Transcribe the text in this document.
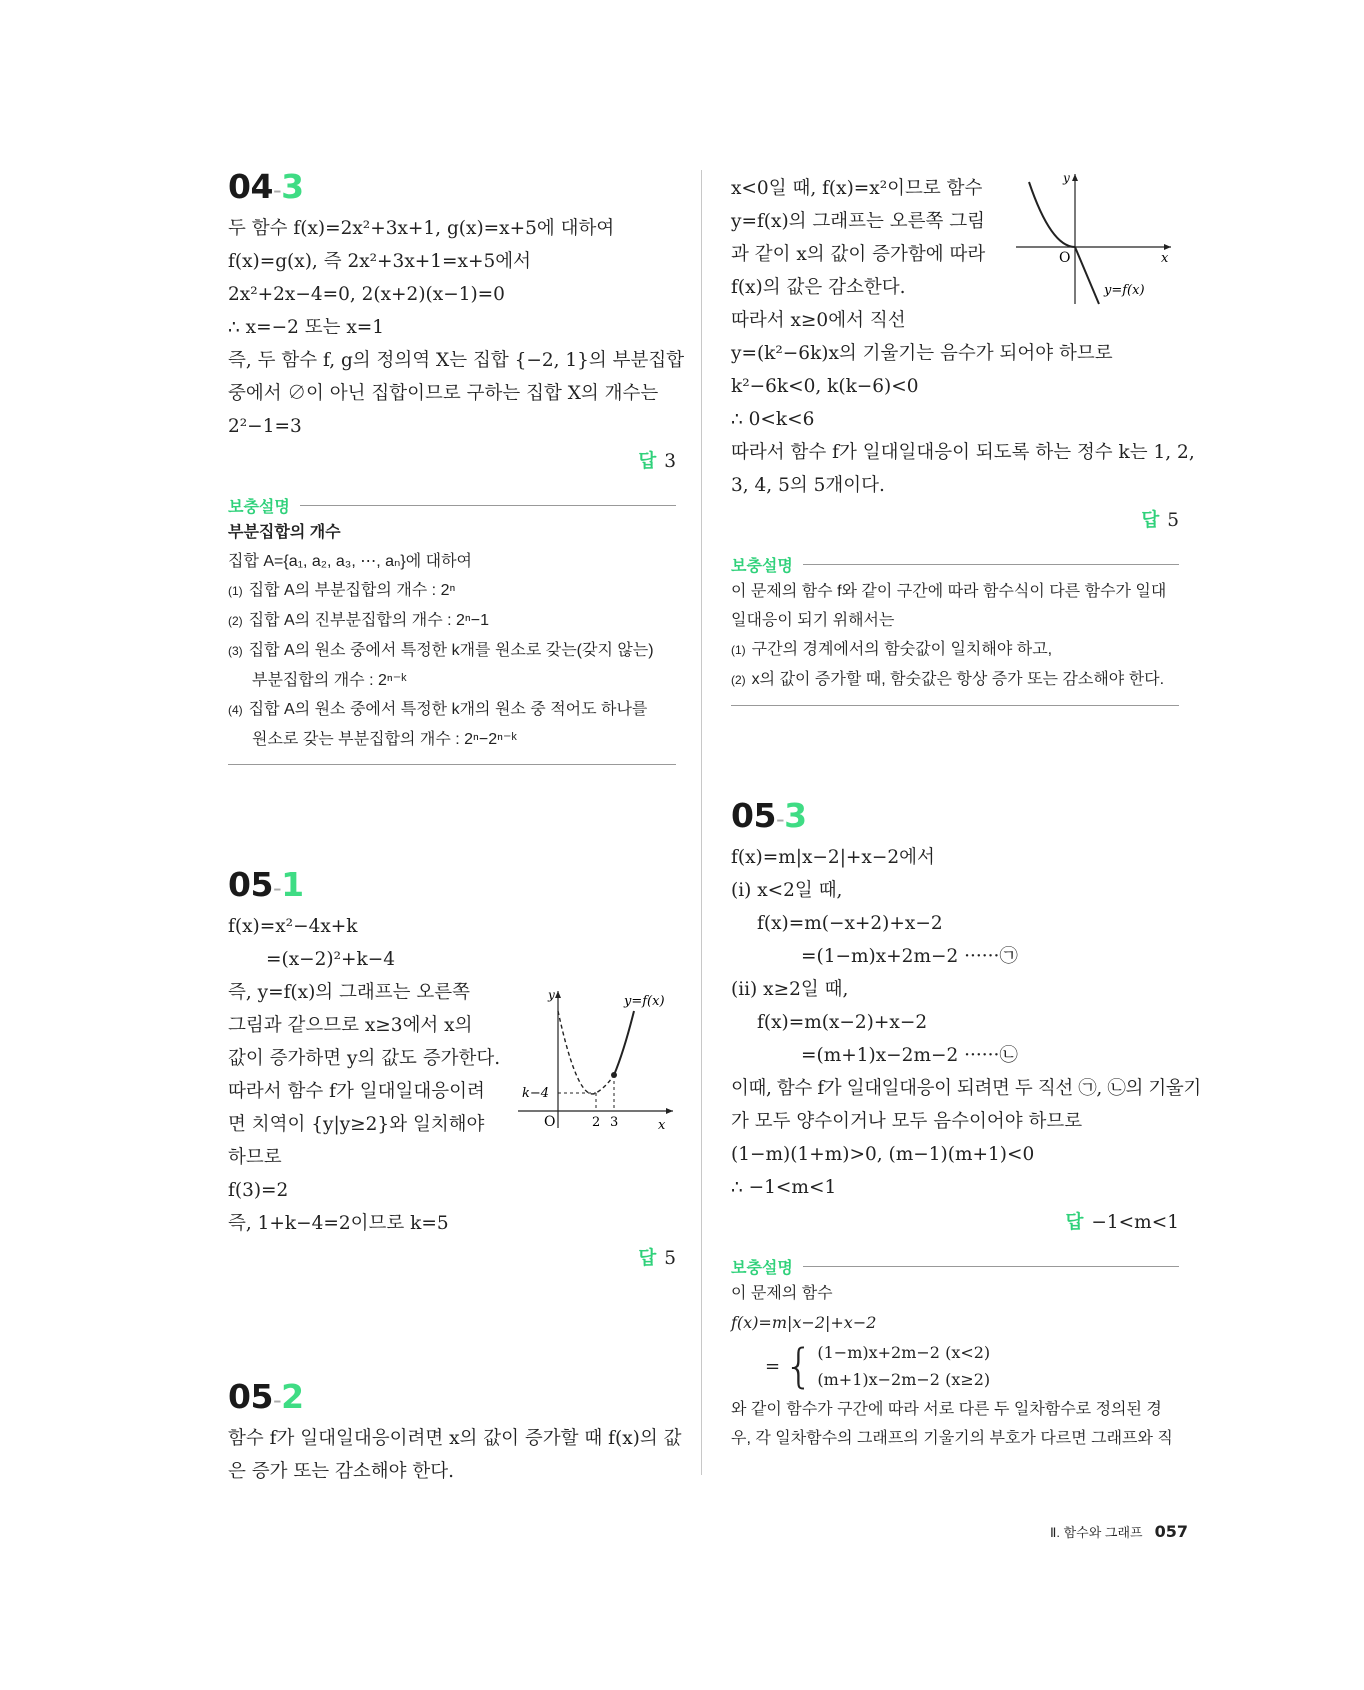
04-3
두 함수 f(x)=2x²+3x+1, g(x)=x+5에 대하여
f(x)=g(x), 즉 2x²+3x+1=x+5에서
2x²+2x−4=0, 2(x+2)(x−1)=0
∴ x=−2 또는 x=1
즉, 두 함수 f, g의 정의역 X는 집합 {−2, 1}의 부분집합
중에서 ∅이 아닌 집합이므로 구하는 집합 X의 개수는
2²−1=3
답 3
보충설명
부분집합의 개수
집합 A={a₁, a₂, a₃, ⋯, aₙ}에 대하여
(1) 집합 A의 부분집합의 개수 : 2ⁿ
(2) 집합 A의 진부분집합의 개수 : 2ⁿ−1
(3) 집합 A의 원소 중에서 특정한 k개를 원소로 갖는(갖지 않는)
부분집합의 개수 : 2ⁿ⁻ᵏ
(4) 집합 A의 원소 중에서 특정한 k개의 원소 중 적어도 하나를
원소로 갖는 부분집합의 개수 : 2ⁿ−2ⁿ⁻ᵏ
05-1
f(x)=x²−4x+k
=(x−2)²+k−4
즉, y=f(x)의 그래프는 오른쪽
그림과 같으므로 x≥3에서 x의
값이 증가하면 y의 값도 증가한다.
따라서 함수 f가 일대일대응이려
면 치역이 {y|y≥2}와 일치해야
하므로
f(3)=2
즉, 1+k−4=2이므로 k=5
답 5
y
x
O
k−4
2 3
y=f(x)
05-2
함수 f가 일대일대응이려면 x의 값이 증가할 때 f(x)의 값
은 증가 또는 감소해야 한다.
x<0일 때, f(x)=x²이므로 함수
y=f(x)의 그래프는 오른쪽 그림
과 같이 x의 값이 증가함에 따라
f(x)의 값은 감소한다.
따라서 x≥0에서 직선
y=(k²−6k)x의 기울기는 음수가 되어야 하므로
k²−6k<0, k(k−6)<0
∴ 0<k<6
따라서 함수 f가 일대일대응이 되도록 하는 정수 k는 1, 2,
3, 4, 5의 5개이다.
답 5
y
x
O
y=f(x)
보충설명
이 문제의 함수 f와 같이 구간에 따라 함수식이 다른 함수가 일대
일대응이 되기 위해서는
(1) 구간의 경계에서의 함숫값이 일치해야 하고,
(2) x의 값이 증가할 때, 함숫값은 항상 증가 또는 감소해야 한다.
05-3
f(x)=m|x−2|+x−2에서
(ⅰ) x<2일 때,
f(x)=m(−x+2)+x−2
=(1−m)x+2m−2 ······㉠
(ⅱ) x≥2일 때,
f(x)=m(x−2)+x−2
=(m+1)x−2m−2 ······㉡
이때, 함수 f가 일대일대응이 되려면 두 직선 ㉠, ㉡의 기울기
가 모두 양수이거나 모두 음수이어야 하므로
(1−m)(1+m)>0, (m−1)(m+1)<0
∴ −1<m<1
답 −1<m<1
보충설명
이 문제의 함수
f(x)=m|x−2|+x−2
= { (1−m)x+2m−2 (x<2)
(m+1)x−2m−2 (x≥2)
와 같이 함수가 구간에 따라 서로 다른 두 일차함수로 정의된 경
우, 각 일차함수의 그래프의 기울기의 부호가 다르면 그래프와 직
Ⅱ. 함수와 그래프 057
